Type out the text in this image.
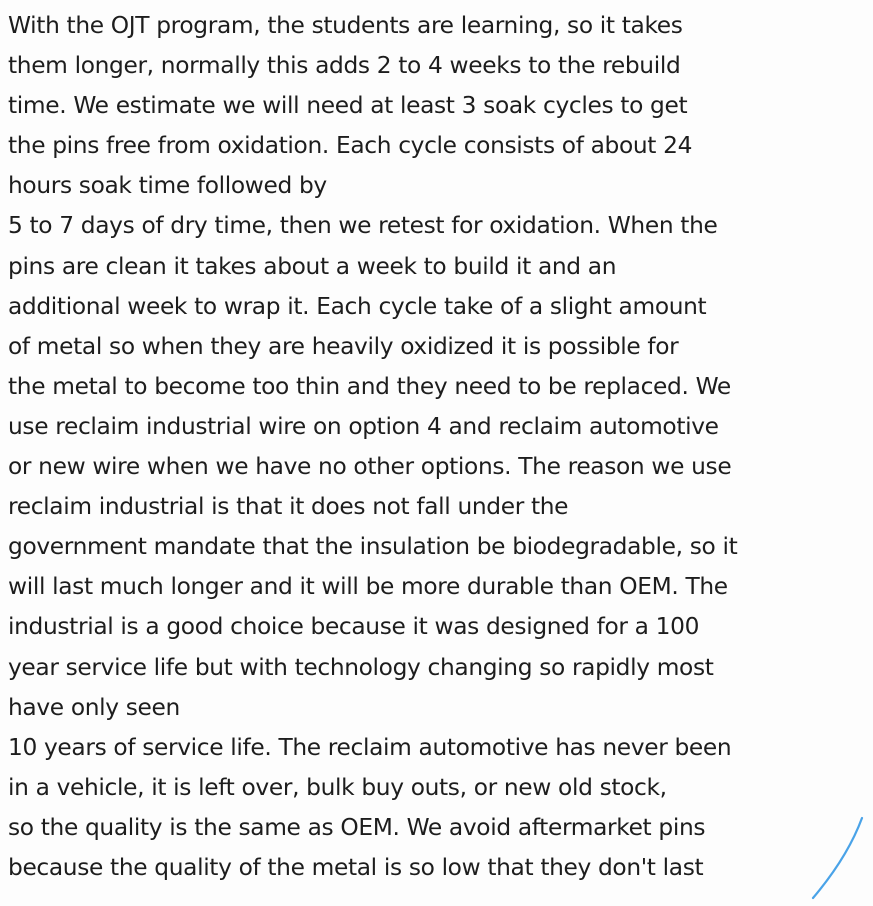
With the OJT program, the students are learning, so it takes
them longer, normally this adds 2 to 4 weeks to the rebuild
time. We estimate we will need at least 3 soak cycles to get
the pins free from oxidation. Each cycle consists of about 24
hours soak time followed by
5 to 7 days of dry time, then we retest for oxidation. When the
pins are clean it takes about a week to build it and an
additional week to wrap it. Each cycle take of a slight amount
of metal so when they are heavily oxidized it is possible for
the metal to become too thin and they need to be replaced. We
use reclaim industrial wire on option 4 and reclaim automotive
or new wire when we have no other options. The reason we use
reclaim industrial is that it does not fall under the
government mandate that the insulation be biodegradable, so it
will last much longer and it will be more durable than OEM. The
industrial is a good choice because it was designed for a 100
year service life but with technology changing so rapidly most
have only seen
10 years of service life. The reclaim automotive has never been
in a vehicle, it is left over, bulk buy outs, or new old stock,
so the quality is the same as OEM. We avoid aftermarket pins
because the quality of the metal is so low that they don't last
